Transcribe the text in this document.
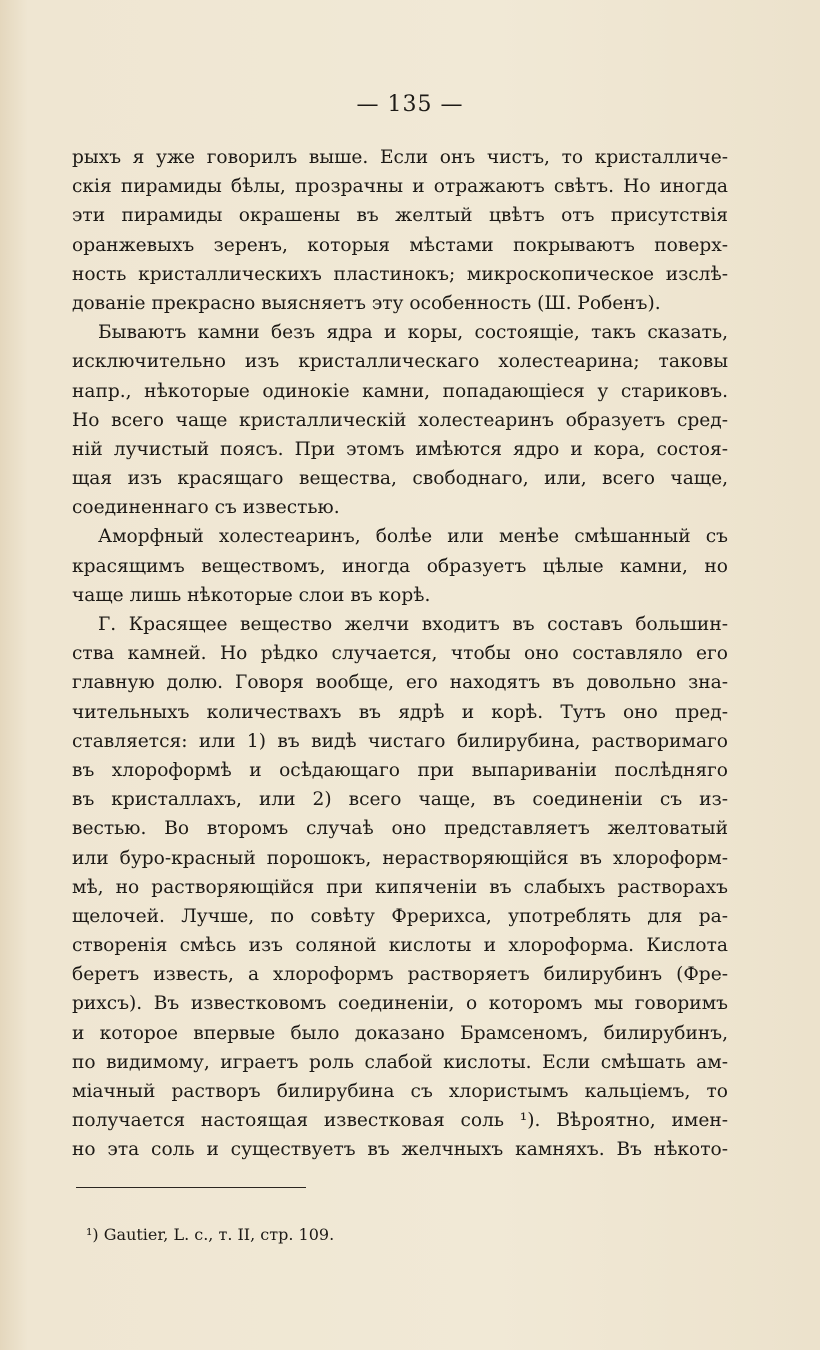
— 135 —
рыхъ я уже говорилъ выше. Если онъ чистъ, то кристалличе-
скія пирамиды бѣлы, прозрачны и отражаютъ свѣтъ. Но иногда
эти пирамиды окрашены въ желтый цвѣтъ отъ присутствія
оранжевыхъ зеренъ, которыя мѣстами покрываютъ поверх-
ность кристаллическихъ пластинокъ; микроскопическое изслѣ-
дованіе прекрасно выясняетъ эту особенность (Ш. Робенъ).
Бываютъ камни безъ ядра и коры, состоящіе, такъ сказать,
исключительно изъ кристаллическаго холестеарина; таковы
напр., нѣкоторые одинокіе камни, попадающіеся у стариковъ.
Но всего чаще кристаллическій холестеаринъ образуетъ сред-
ній лучистый поясъ. При этомъ имѣются ядро и кора, состоя-
щая изъ красящаго вещества, свободнаго, или, всего чаще,
соединеннаго съ известью.
Аморфный холестеаринъ, болѣе или менѣе смѣшанный съ
красящимъ веществомъ, иногда образуетъ цѣлые камни, но
чаще лишь нѣкоторые слои въ корѣ.
Г. Красящее вещество желчи входитъ въ составъ большин-
ства камней. Но рѣдко случается, чтобы оно составляло его
главную долю. Говоря вообще, его находятъ въ довольно зна-
чительныхъ количествахъ въ ядрѣ и корѣ. Тутъ оно пред-
ставляется: или 1) въ видѣ чистаго билирубина, растворимаго
въ хлороформѣ и осѣдающаго при выпариваніи послѣдняго
въ кристаллахъ, или 2) всего чаще, въ соединеніи съ из-
вестью. Во второмъ случаѣ оно представляетъ желтоватый
или буро-красный порошокъ, нерастворяющійся въ хлороформ-
мѣ, но растворяющійся при кипяченіи въ слабыхъ растворахъ
щелочей. Лучше, по совѣту Фрерихса, употреблять для ра-
створенія смѣсь изъ соляной кислоты и хлороформа. Кислота
беретъ известь, а хлороформъ растворяетъ билирубинъ (Фре-
рихсъ). Въ известковомъ соединеніи, о которомъ мы говоримъ
и которое впервые было доказано Брамсеномъ, билирубинъ,
по видимому, играетъ роль слабой кислоты. Если смѣшать ам-
міачный растворъ билирубина съ хлористымъ кальціемъ, то
получается настоящая известковая соль ¹). Вѣроятно, имен-
но эта соль и существуетъ въ желчныхъ камняхъ. Въ нѣкото-
¹) Gautier, L. c., т. II, стр. 109.
